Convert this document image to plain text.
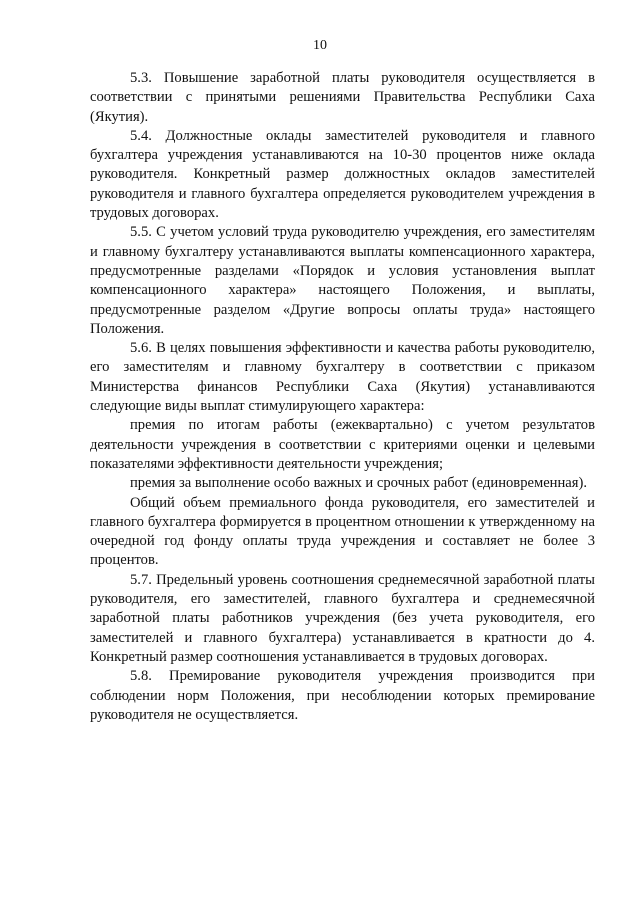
10

5.3. Повышение заработной платы руководителя осуществляется в соответствии с принятыми решениями Правительства Республики Саха (Якутия).

5.4. Должностные оклады заместителей руководителя и главного бухгалтера учреждения устанавливаются на 10-30 процентов ниже оклада руководителя. Конкретный размер должностных окладов заместителей руководителя и главного бухгалтера определяется руководителем учреждения в трудовых договорах.

5.5. С учетом условий труда руководителю учреждения, его заместителям и главному бухгалтеру устанавливаются выплаты компенсационного характера, предусмотренные разделами «Порядок и условия установления выплат компенсационного характера» настоящего Положения, и выплаты, предусмотренные разделом «Другие вопросы оплаты труда» настоящего Положения.

5.6. В целях повышения эффективности и качества работы руководителю, его заместителям и главному бухгалтеру в соответствии с приказом Министерства финансов Республики Саха (Якутия) устанавливаются следующие виды выплат стимулирующего характера:

премия по итогам работы (ежеквартально) с учетом результатов деятельности учреждения в соответствии с критериями оценки и целевыми показателями эффективности деятельности учреждения;

премия за выполнение особо важных и срочных работ (единовременная).

Общий объем премиального фонда руководителя, его заместителей и главного бухгалтера формируется в процентном отношении к утвержденному на очередной год фонду оплаты труда учреждения и составляет не более 3 процентов.

5.7. Предельный уровень соотношения среднемесячной заработной платы руководителя, его заместителей, главного бухгалтера и среднемесячной заработной платы работников учреждения (без учета руководителя, его заместителей и главного бухгалтера) устанавливается в кратности до 4. Конкретный размер соотношения устанавливается в трудовых договорах.

5.8. Премирование руководителя учреждения производится при соблюдении норм Положения, при несоблюдении которых премирование руководителя не осуществляется.
